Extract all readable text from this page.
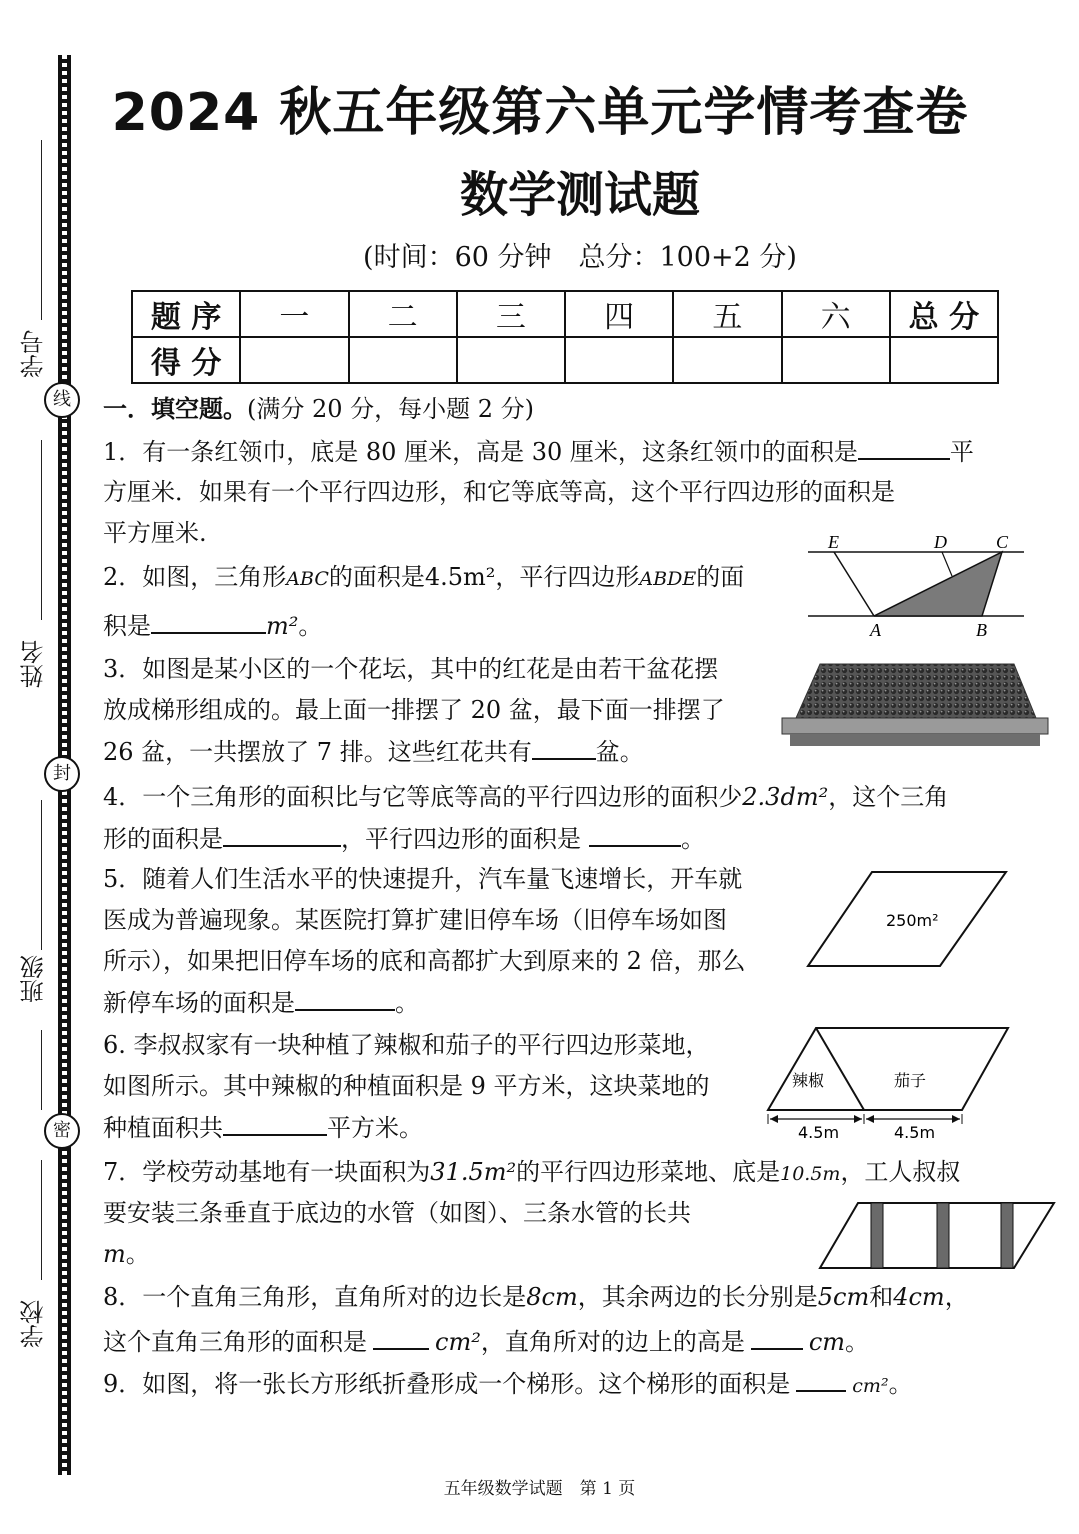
学号
线
姓名
封
班级
密
学校
2024 秋五年级第六单元学情考查卷
数学测试题
(时间：60 分钟　总分：100+2 分)
题 序	一	二	三	四	五	六	总 分
得 分							
一．填空题。(满分 20 分，每小题 2 分)
1．有一条红领巾，底是 80 厘米，高是 30 厘米，这条红领巾的面积是	平
方厘米．如果有一个平行四边形，和它等底等高，这个平行四边形的面积是
平方厘米.
2．如图，三角形ABC的面积是4.5m²，平行四边形ABDE的面
积是	m²。
E	D	C
A	B
3．如图是某小区的一个花坛，其中的红花是由若干盆花摆
放成梯形组成的。最上面一排摆了 20 盆，最下面一排摆了
26 盆，一共摆放了 7 排。这些红花共有	盆。
4．一个三角形的面积比与它等底等高的平行四边形的面积少2.3dm²，这个三角
形的面积是	，平行四边形的面积是	。
5．随着人们生活水平的快速提升，汽车量飞速增长，开车就
医成为普遍现象。某医院打算扩建旧停车场（旧停车场如图
所示），如果把旧停车场的底和高都扩大到原来的 2 倍，那么
新停车场的面积是	。
250m²
6. 李叔叔家有一块种植了辣椒和茄子的平行四边形菜地，
如图所示。其中辣椒的种植面积是 9 平方米，这块菜地的
种植面积共	平方米。
辣椒	茄子
4.5m	4.5m
7．学校劳动基地有一块面积为31.5m²的平行四边形菜地、底是10.5m，工人叔叔
要安装三条垂直于底边的水管（如图）、三条水管的长共
m。
8．一个直角三角形，直角所对的边长是8cm，其余两边的长分别是5cm和4cm，
这个直角三角形的面积是	cm²，直角所对的边上的高是	cm。
9．如图，将一张长方形纸折叠形成一个梯形。这个梯形的面积是	cm²。
五年级数学试题　第 1 页
